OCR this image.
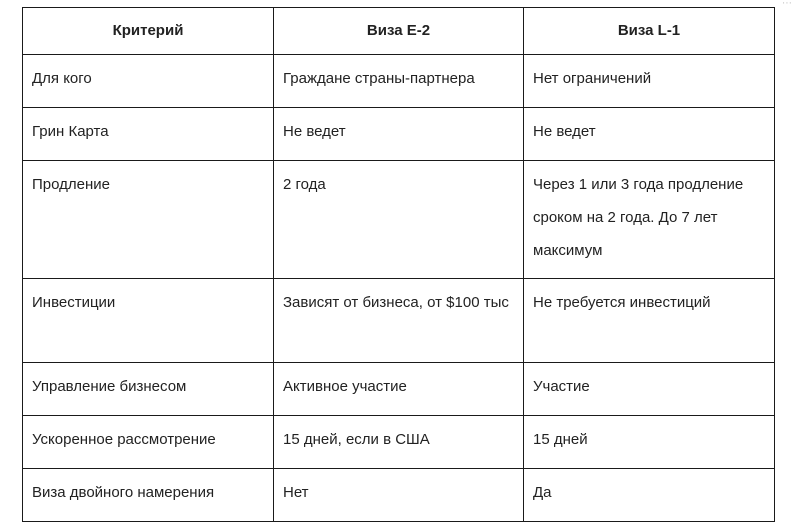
⋯
Критерий	Виза E-2	Виза L-1
Для кого	Граждане страны-партнера	Нет ограничений
Грин Карта	Не ведет	Не ведет
Продление	2 года	Через 1 или 3 года продление сроком на 2 года. До 7 лет максимум
Инвестиции	Зависят от бизнеса, от $100 тыс	Не требуется инвестиций
Управление бизнесом	Активное участие	Участие
Ускоренное рассмотрение	15 дней, если в США	15 дней
Виза двойного намерения	Нет	Да
